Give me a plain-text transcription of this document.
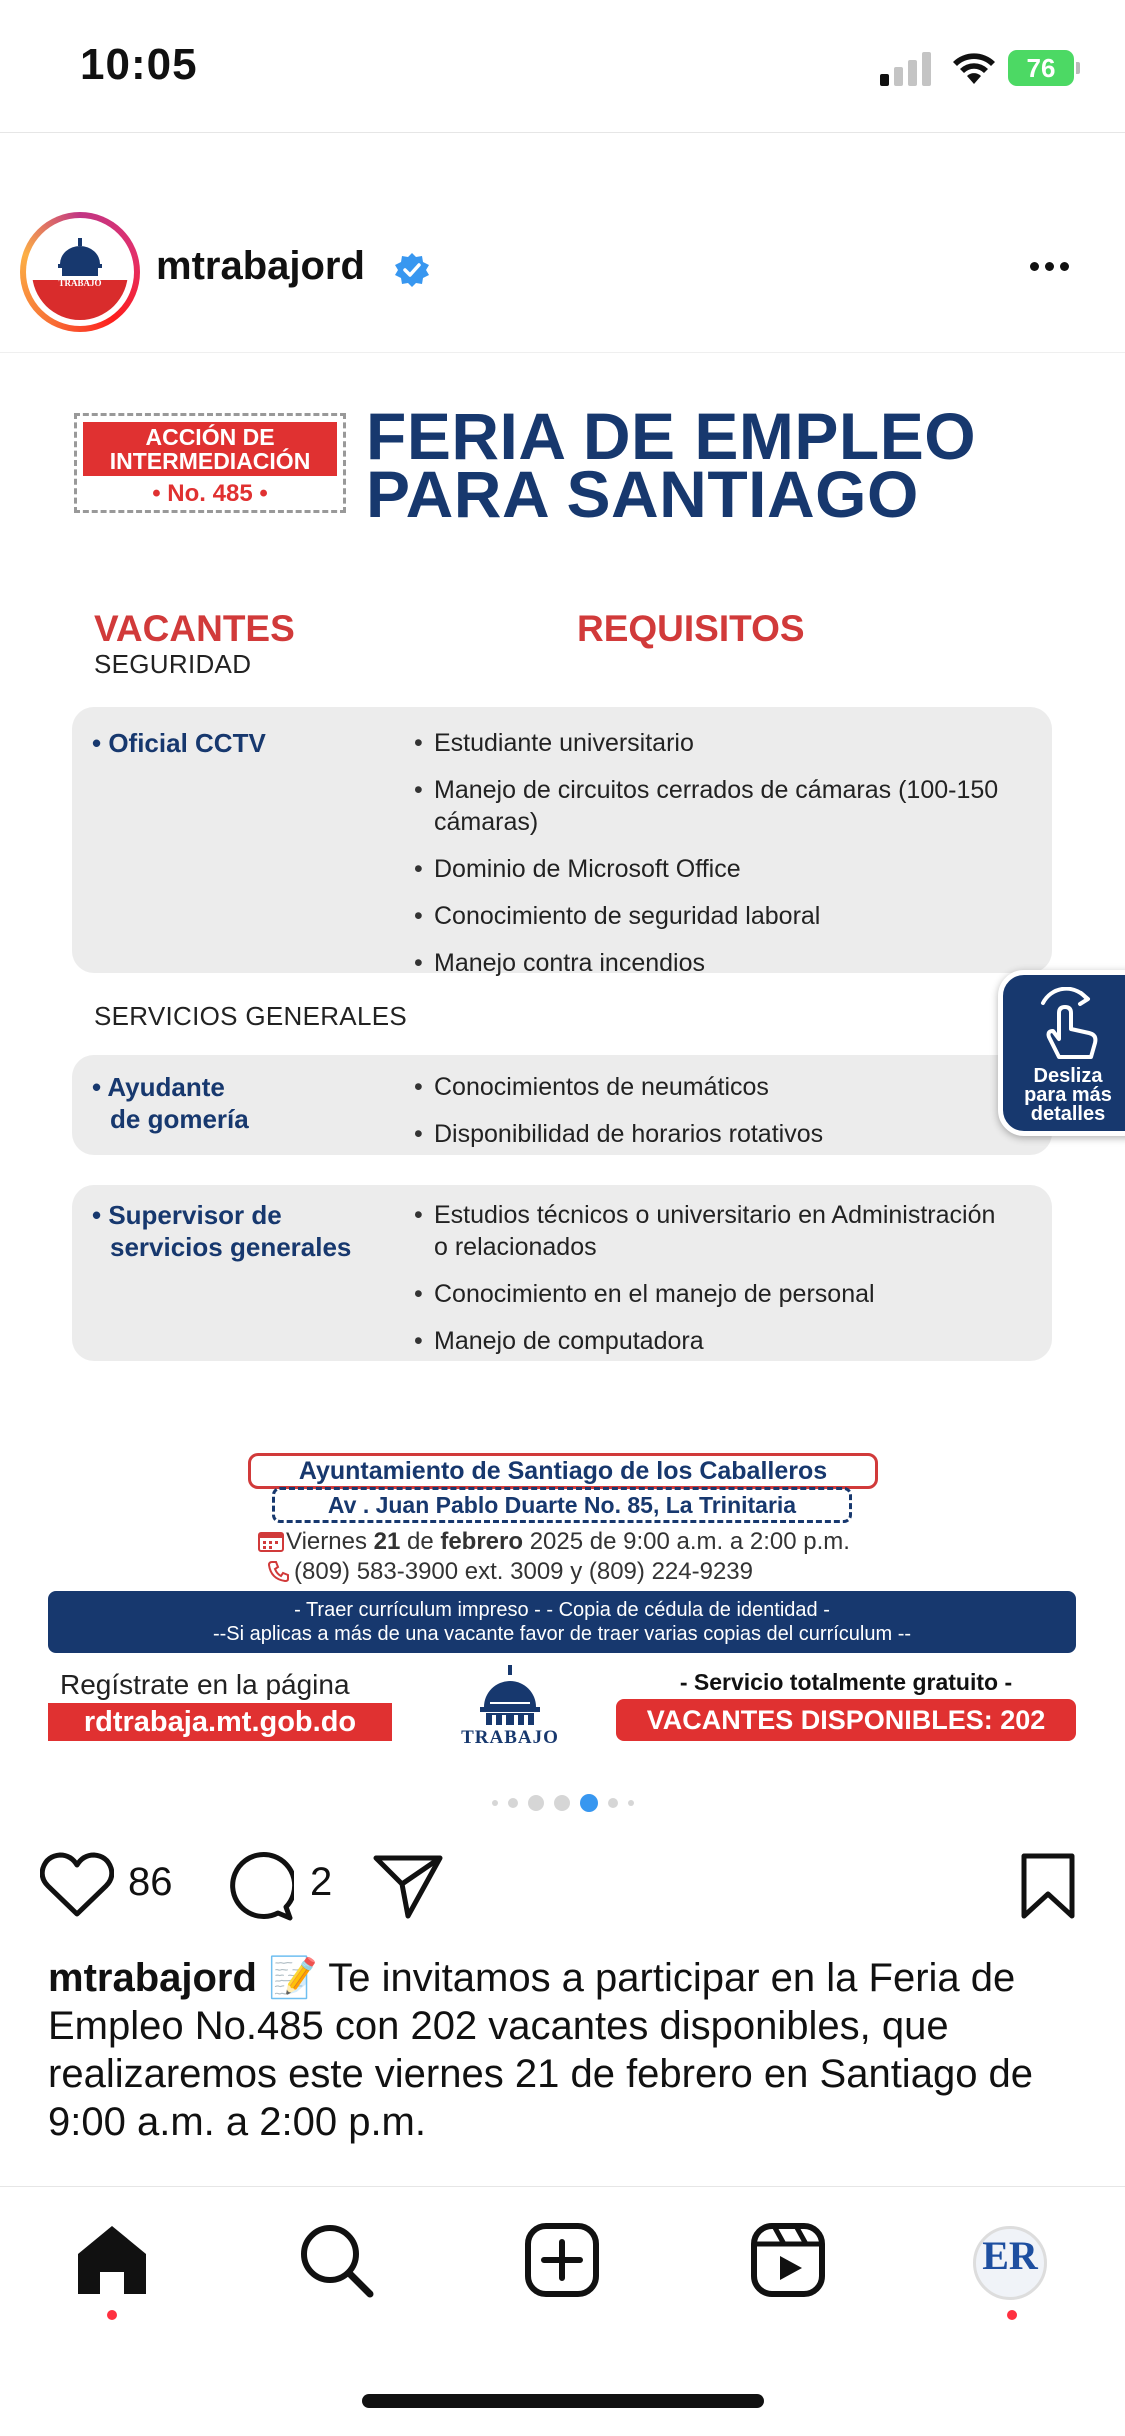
10:05	76
TRABAJO	mtrabajord
ACCIÓN DE
INTERMEDIACIÓN
• No. 485 •
FERIA DE EMPLEO
PARA SANTIAGO
VACANTES	REQUISITOS
SEGURIDAD
• Oficial CCTV
•	Estudiante universitario
• Manejo de circuitos cerrados de cámaras (100-150 cámaras)
• Dominio de Microsoft Office
• Conocimiento de seguridad laboral
• Manejo contra incendios
SERVICIOS GENERALES
• Ayudante
de gomería
• Conocimientos de neumáticos
• Disponibilidad de horarios rotativos
• Supervisor de
servicios generales
• Estudios técnicos o universitario en Administración o relacionados
• Conocimiento en el manejo de personal
• Manejo de computadora
Desliza
para más
detalles
Ayuntamiento de Santiago de los Caballeros
Av . Juan Pablo Duarte No. 85, La Trinitaria
Viernes 21 de febrero 2025 de 9:00 a.m. a 2:00 p.m.
(809) 583-3900 ext. 3009 y (809) 224-9239
- Traer currículum impreso - - Copia de cédula de identidad -
--Si aplicas a más de una vacante favor de traer varias copias del currículum --
Regístrate en la página
rdtrabaja.mt.gob.do	TRABAJO
- Servicio totalmente gratuito -
VACANTES DISPONIBLES: 202
86	2
mtrabajord 📝 Te invitamos a participar en la Feria de Empleo No.485 con 202 vacantes disponibles, que realizaremos este viernes 21 de febrero en Santiago de 9:00 a.m. a 2:00 p.m.
ER
